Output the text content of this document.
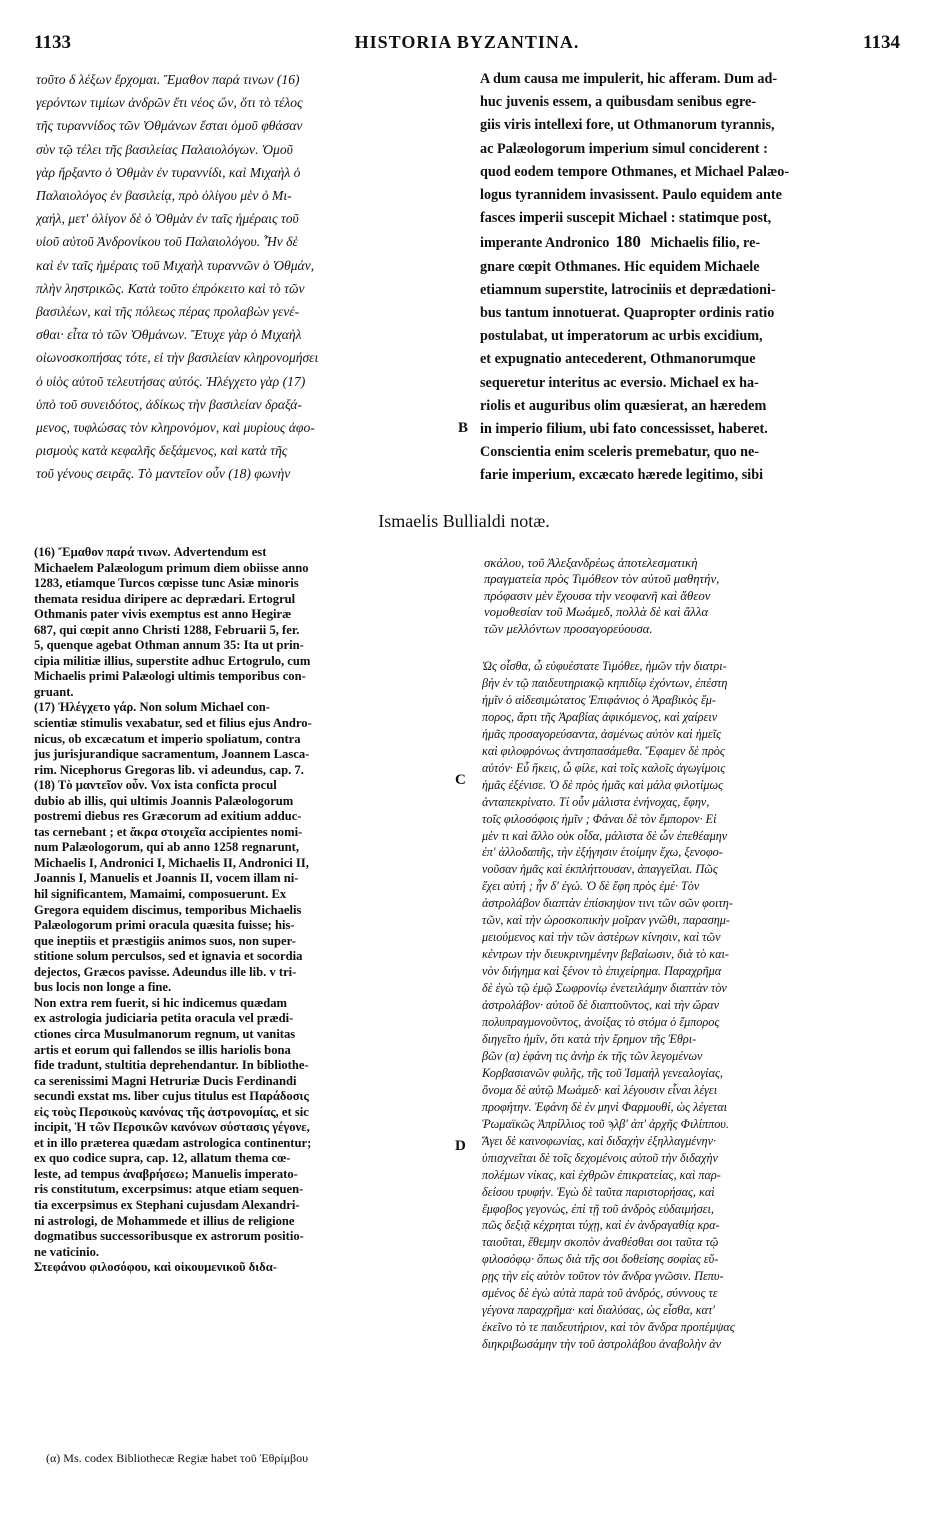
1133	HISTORIA BYZANTINA.	1134
τοῦτο δ λέξων ἔρχομαι. Ἔμαθον παρά τινων (16)
γερόντων τιμίων ἀνδρῶν ἔτι νέος ὤν, ὅτι τὸ τέλος
τῆς τυραννίδος τῶν Ὀθμάνων ἔσται ὁμοῦ φθάσαν
σὺν τῷ τέλει τῆς βασιλείας Παλαιολόγων. Ὁμοῦ
γὰρ ἤρξαντο ὁ Ὀθμὰν ἐν τυραννίδι, καὶ Μιχαὴλ ὁ
Παλαιολόγος ἐν βασιλείᾳ, πρὸ ὀλίγου μὲν ὁ Μι-
χαήλ, μετ' ὀλίγον δὲ ὁ Ὀθμὰν ἐν ταῖς ἡμέραις τοῦ
υἱοῦ αὐτοῦ Ἀνδρονίκου τοῦ Παλαιολόγου. Ἦν δὲ
καὶ ἐν ταῖς ἡμέραις τοῦ Μιχαὴλ τυραννῶν ὁ Ὀθμάν,
πλὴν ληστρικῶς. Κατὰ τοῦτο ἐπρόκειτο καὶ τὸ τῶν
βασιλέων, καὶ τῆς πόλεως πέρας προλαβὼν γενέ-
σθαι· εἶτα τὸ τῶν Ὀθμάνων. Ἔτυχε γὰρ ὁ Μιχαὴλ
οἰωνοσκοπήσας τότε, εἰ τὴν βασιλείαν κληρονομήσει
ὁ υἱὸς αὐτοῦ τελευτήσας αὐτός. Ἠλέγχετο γὰρ (17)
ὑπὸ τοῦ συνειδότος, ἀδίκως τὴν βασιλείαν δραξά-
μενος, τυφλώσας τὸν κληρονόμον, καὶ μυρίους ἀφο-
ρισμοὺς κατὰ κεφαλῆς δεξάμενος, καὶ κατὰ τῆς
τοῦ γένους σειρᾶς. Τὸ μαντεῖον οὖν (18) φωνὴν
A dum causa me impulerit, hic afferam. Dum ad-
huc juvenis essem, a quibusdam senibus egre-
giis viris intellexi fore, ut Othmanorum tyrannis,
ac Palæologorum imperium simul conciderent :
quod eodem tempore Othmanes, et Michael Palæo-
logus tyrannidem invasissent. Paulo equidem ante
fasces imperii suscepit Michael : statimque post,
imperante Andronico 180 Michaelis filio, re-
gnare cœpit Othmanes. Hic equidem Michaele
etiamnum superstite, latrociniis et deprædationi-
bus tantum innotuerat. Quapropter ordinis ratio
postulabat, ut imperatorum ac urbis excidium,
et expugnatio antecederent, Othmanorumque
sequeretur interitus ac eversio. Michael ex ha-
riolis et auguribus olim quæsierat, an hæredem
in imperio filium, ubi fato concessisset, haberet.
Conscientia enim sceleris premebatur, quo ne-
farie imperium, excæcato hærede legitimo, sibi
B
Ismaelis Bullialdi notæ.
(16) Ἔμαθον παρά τινων. Advertendum est
Michaelem Palæologum primum diem obiisse anno
1283, etiamque Turcos cœpisse tunc Asiæ minoris
themata residua diripere ac deprædari. Ertogrul
Othmanis pater vivis exemptus est anno Hegiræ
687, qui cœpit anno Christi 1288, Februarii 5, fer.
5, quenque agebat Othman annum 35: Ita ut prin-
cipia militiæ illius, superstite adhuc Ertogrulo, cum
Michaelis primi Palæologi ultimis temporibus con-
gruant.
(17) Ἠλέγχετο γάρ. Non solum Michael con-
scientiæ stimulis vexabatur, sed et filius ejus Andro-
nicus, ob excæcatum et imperio spoliatum, contra
jus jurisjurandique sacramentum, Joannem Lasca-
rim. Nicephorus Gregoras lib. vi adeundus, cap. 7.
(18) Τὸ μαντεῖον οὖν. Vox ista conficta procul
dubio ab illis, qui ultimis Joannis Palæologorum
postremi diebus res Græcorum ad exitium adduc-
tas cernebant ; et ἄκρα στοιχεῖα accipientes nomi-
num Palæologorum, qui ab anno 1258 regnarunt,
Michaelis I, Andronici I, Michaelis II, Andronici II,
Joannis I, Manuelis et Joannis II, vocem illam ni-
hil significantem, Mamaimi, composuerunt. Ex
Gregora equidem discimus, temporibus Michaelis
Palæologorum primi oracula quæsita fuisse; his-
que ineptiis et præstigiis animos suos, non super-
stitione solum perculsos, sed et ignavia et socordia
dejectos, Græcos pavisse. Adeundus ille lib. v tri-
bus locis non longe a fine.
Non extra rem fuerit, si hic indicemus quædam
ex astrologia judiciaria petita oracula vel prædi-
ctiones circa Musulmanorum regnum, ut vanitas
artis et eorum qui fallendos se illis hariolis bona
fide tradunt, stultitia deprehendantur. In bibliothe-
ca serenissimi Magni Hetruriæ Ducis Ferdinandi
secundi exstat ms. liber cujus titulus est Παράδοσις
εἰς τοὺς Περσικοὺς κανόνας τῆς ἀστρονομίας, et sic
incipit, Ἡ τῶν Περσικῶν κανόνων σύστασις γέγονε,
et in illo præterea quædam astrologica continentur;
ex quo codice supra, cap. 12, allatum thema cœ-
leste, ad tempus ἀναβρήσεω; Manuelis imperato-
ris constitutum, excerpsimus: atque etiam sequen-
tia excerpsimus ex Stephani cujusdam Alexandri-
ni astrologi, de Mohammede et illius de religione
dogmatibus successoribusque ex astrorum positio-
ne vaticinio.
Στεφάνου φιλοσόφου, καὶ οἰκουμενικοῦ διδα-
σκάλου, τοῦ Ἀλεξανδρέως ἀποτελεσματικὴ
πραγματεία πρὸς Τιμόθεον τὸν αὐτοῦ μαθητήν,
πρόφασιν μὲν ἔχουσα τὴν νεοφανῆ καὶ ἄθεον
νομοθεσίαν τοῦ Μωάμεδ, πολλὰ δὲ καὶ ἄλλα
τῶν μελλόντων προσαγορεύουσα.
Ὡς οἶσθα, ὦ εὐφυέστατε Τιμόθεε, ἡμῶν τὴν διατρι-
βὴν ἐν τῷ παιδευτηριακῷ κηπιδίῳ ἐχόντων, ἐπέστη
ἡμῖν ὁ αἰδεσιμώτατος Ἐπιφάνιος ὁ Ἀραβικὸς ἔμ-
πορος, ἄρτι τῆς Ἀραβίας ἀφικόμενος, καὶ χαίρειν
ἡμᾶς προσαγορεύσαντα, ἀσμένως αὐτὸν καὶ ἡμεῖς
καὶ φιλοφρόνως ἀντησπασάμεθα. Ἔφαμεν δὲ πρὸς
αὐτόν· Εὖ ἥκεις, ὦ φίλε, καὶ τοῖς καλοῖς ἀγωγίμοις
ἡμᾶς ἐξένισε. Ὁ δὲ πρὸς ἡμᾶς καὶ μάλα φιλοτίμως
ἀνταπεκρίνατο. Τί οὖν μάλιστα ἐνήνοχας, ἔφην,
τοῖς φιλοσόφοις ἡμῖν ; Φάναι δὲ τὸν ἔμπορον· Εἰ
μὲν τι καὶ ἄλλο οὐκ οἶδα, μάλιστα δὲ ὧν ἐπεθέαμην
ἐπ' ἀλλοδαπῆς, τὴν ἐξήγησιν ἑτοίμην ἔχω, ξενοφο-
νοῦσαν ἡμᾶς καὶ ἐκπλήττουσαν, ἀπαγγεῖλαι. Πῶς
ἔχει αὐτή ; ἦν δ' ἐγώ. Ὁ δὲ ἔφη πρὸς ἐμέ· Τὸν
ἀστρολάβον διαπτὰν ἐπίσκηψον τινι τῶν σῶν φοιτη-
τῶν, καὶ τὴν ὡροσκοπικὴν μοῖραν γνῶθι, παρασημ-
μειούμενος καὶ τὴν τῶν ἀστέρων κίνησιν, καὶ τῶν
κέντρων τὴν διευκρινημένην βεβαίωσιν, διὰ τὸ και-
νὸν διήγημα καὶ ξένον τὸ ἐπιχείρημα. Παραχρῆμα
δὲ ἐγὼ τῷ ἐμῷ Σωφρονίῳ ἐνετειλάμην διαπτὰν τὸν
ἀστρολάβον· αὐτοῦ δὲ διαπτοῦντος, καὶ τὴν ὥραν
πολυπραγμονοῦντος, ἀνοίξας τὸ στόμα ὁ ἔμπορος
διηγεῖτο ἡμῖν, ὅτι κατὰ τὴν ἔρημον τῆς Ἐθρι-
βῶν (α) ἐφάνη τις ἀνὴρ ἐκ τῆς τῶν λεγομένων
Κορβασιανῶν φυλῆς, τῆς τοῦ Ἰσμαὴλ γενεαλογίας,
ὄνομα δὲ αὐτῷ Μωάμεδ· καὶ λέγουσιν εἶναι λέγει
προφήτην. Ἐφάνη δὲ ἐν μηνὶ Φαρμουθί, ὡς λέγεται
Ῥωμαϊκῶς Ἀπρίλλιος τοῦ ϡλβ' ἀπ' ἀρχῆς Φιλίππου.
Ἄγει δὲ καινοφωνίας, καὶ διδαχὴν ἐξηλλαγμένην·
ὑπισχνεῖται δὲ τοῖς δεχομένοις αὐτοῦ τὴν διδαχὴν
πολέμων νίκας, καὶ ἐχθρῶν ἐπικρατείας, καὶ παρ-
δείσου τρυφήν. Ἐγὼ δὲ ταῦτα παριστορήσας, καὶ
ἔμφοβος γεγονώς, ἐπὶ τῇ τοῦ ἀνδρὸς εὐδαιμήσει,
πῶς δεξιᾷ κέχρηται τύχῃ, καὶ ἐν ἀνδραγαθίᾳ κρα-
ταιοῦται, ἔθεμην σκοπὸν ἀναθέσθαι σοι ταῦτα τῷ
φιλοσόφῳ· ὅπως διὰ τῆς σοι δοθείσης σοφίας εὕ-
ρῃς τὴν εἰς αὐτὸν τοῦτον τὸν ἄνδρα γνῶσιν. Πεπυ-
σμένος δὲ ἐγὼ αὐτὰ παρὰ τοῦ ἀνδρός, σύννους τε
γέγονα παραχρῆμα· καὶ διαλύσας, ὡς εἶσθα, κατ'
ἐκεῖνο τὸ τε παιδευτήριον, καὶ τὸν ἄνδρα προπέμψας
διηκριβωσάμην τὴν τοῦ ἀστρολάβου ἀναβολὴν ἀν
C
D
(α) Ms. codex Bibliothecæ Regiæ habet τοῦ Ἐθρίμβου
